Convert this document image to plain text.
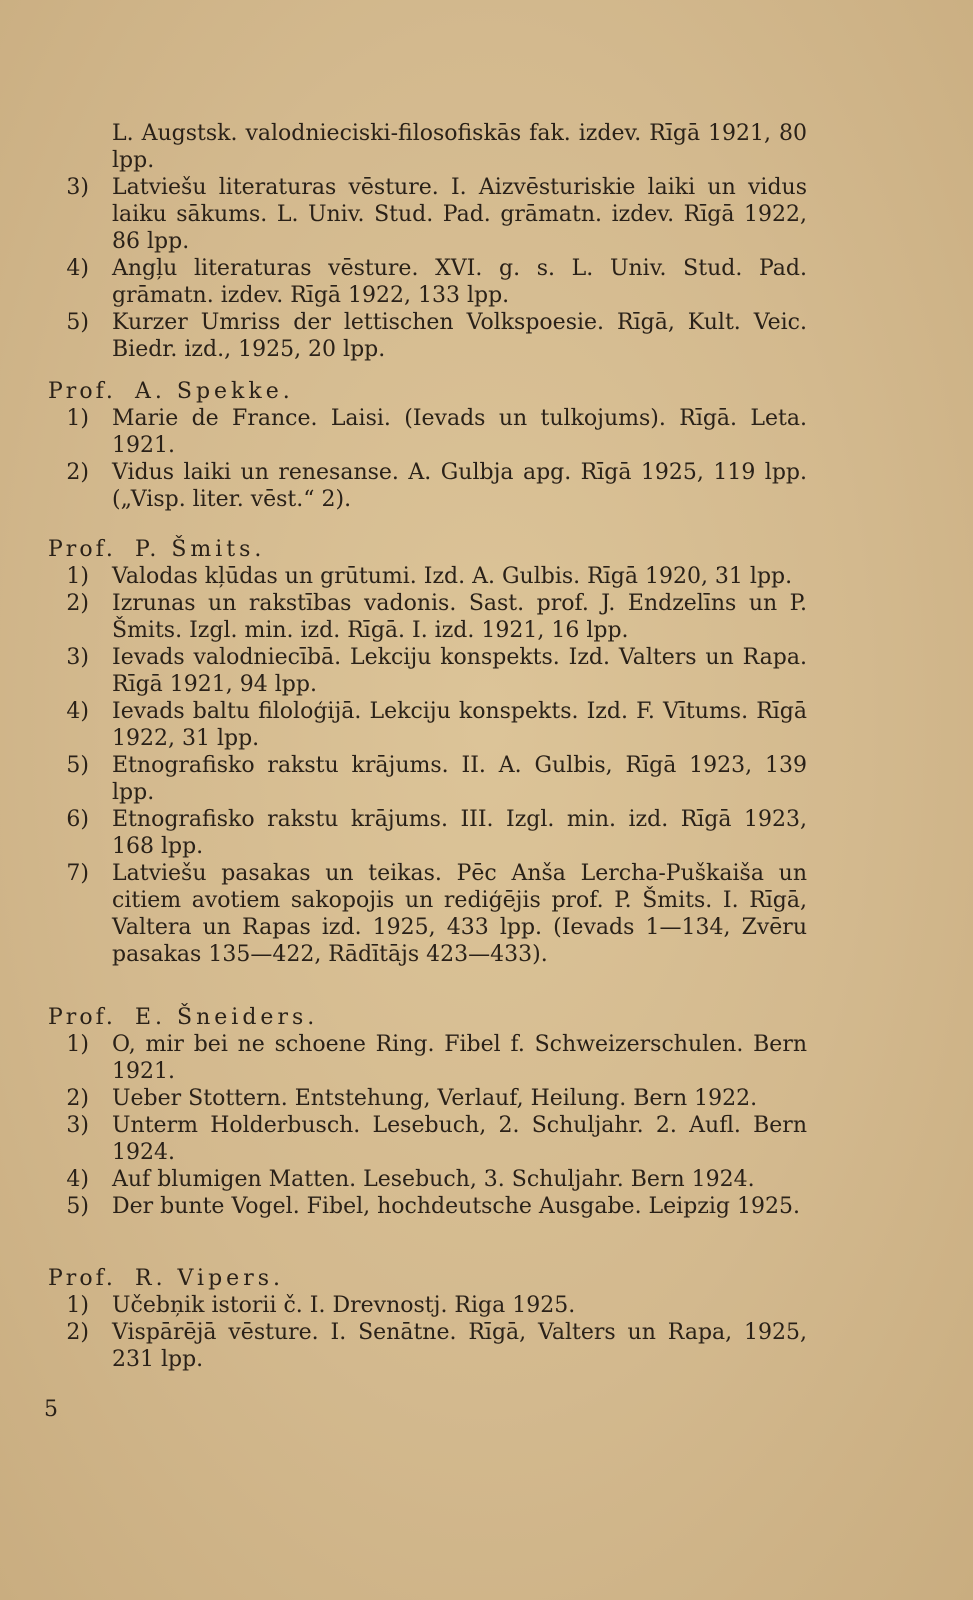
L. Augstsk. valodnieciski-filosofiskās fak. izdev. Rīgā 1921, 80 lpp.
3)	Latviešu literaturas vēsture. I. Aizvēsturiskie laiki un vidus laiku sākums. L. Univ. Stud. Pad. grāmatn. izdev. Rīgā 1922, 86 lpp.
4)	Angļu literaturas vēsture. XVI. g. s. L. Univ. Stud. Pad. grāmatn. izdev. Rīgā 1922, 133 lpp.
5)	Kurzer Umriss der lettischen Volkspoesie. Rīgā, Kult. Veic. Biedr. izd., 1925, 20 lpp.
Prof. A. Spekke.
1)	Marie de France. Laisi. (Ievads un tulkojums). Rīgā. Leta. 1921.
2)	Vidus laiki un renesanse. A. Gulbja apg. Rīgā 1925, 119 lpp. („Visp. liter. vēst.“ 2).
Prof. P. Šmits.
1)	Valodas kļūdas un grūtumi. Izd. A. Gulbis. Rīgā 1920, 31 lpp.
2)	Izrunas un rakstības vadonis. Sast. prof. J. Endzelīns un P. Šmits. Izgl. min. izd. Rīgā. I. izd. 1921, 16 lpp.
3)	Ievads valodniecībā. Lekciju konspekts. Izd. Valters un Rapa. Rīgā 1921, 94 lpp.
4)	Ievads baltu filoloģijā. Lekciju konspekts. Izd. F. Vītums. Rīgā 1922, 31 lpp.
5)	Etnografisko rakstu krājums. II. A. Gulbis, Rīgā 1923, 139 lpp.
6)	Etnografisko rakstu krājums. III. Izgl. min. izd. Rīgā 1923, 168 lpp.
7)	Latviešu pasakas un teikas. Pēc Anša Lercha-Puškaiša un citiem avotiem sakopojis un rediģējis prof. P. Šmits. I. Rīgā, Valtera un Rapas izd. 1925, 433 lpp. (Ievads 1—134, Zvēru pasakas 135—422, Rādītājs 423—433).
Prof. E. Šneiders.
1)	O, mir bei ne schoene Ring. Fibel f. Schweizerschulen. Bern 1921.
2)	Ueber Stottern. Entstehung, Verlauf, Heilung. Bern 1922.
3)	Unterm Holderbusch. Lesebuch, 2. Schuljahr. 2. Aufl. Bern 1924.
4)	Auf blumigen Matten. Lesebuch, 3. Schuljahr. Bern 1924.
5)	Der bunte Vogel. Fibel, hochdeutsche Ausgabe. Leipzig 1925.
Prof. R. Vipers.
1)	Učebņik istorii č. I. Drevnostj. Riga 1925.
2)	Vispārējā vēsture. I. Senātne. Rīgā, Valters un Rapa, 1925, 231 lpp.
5
